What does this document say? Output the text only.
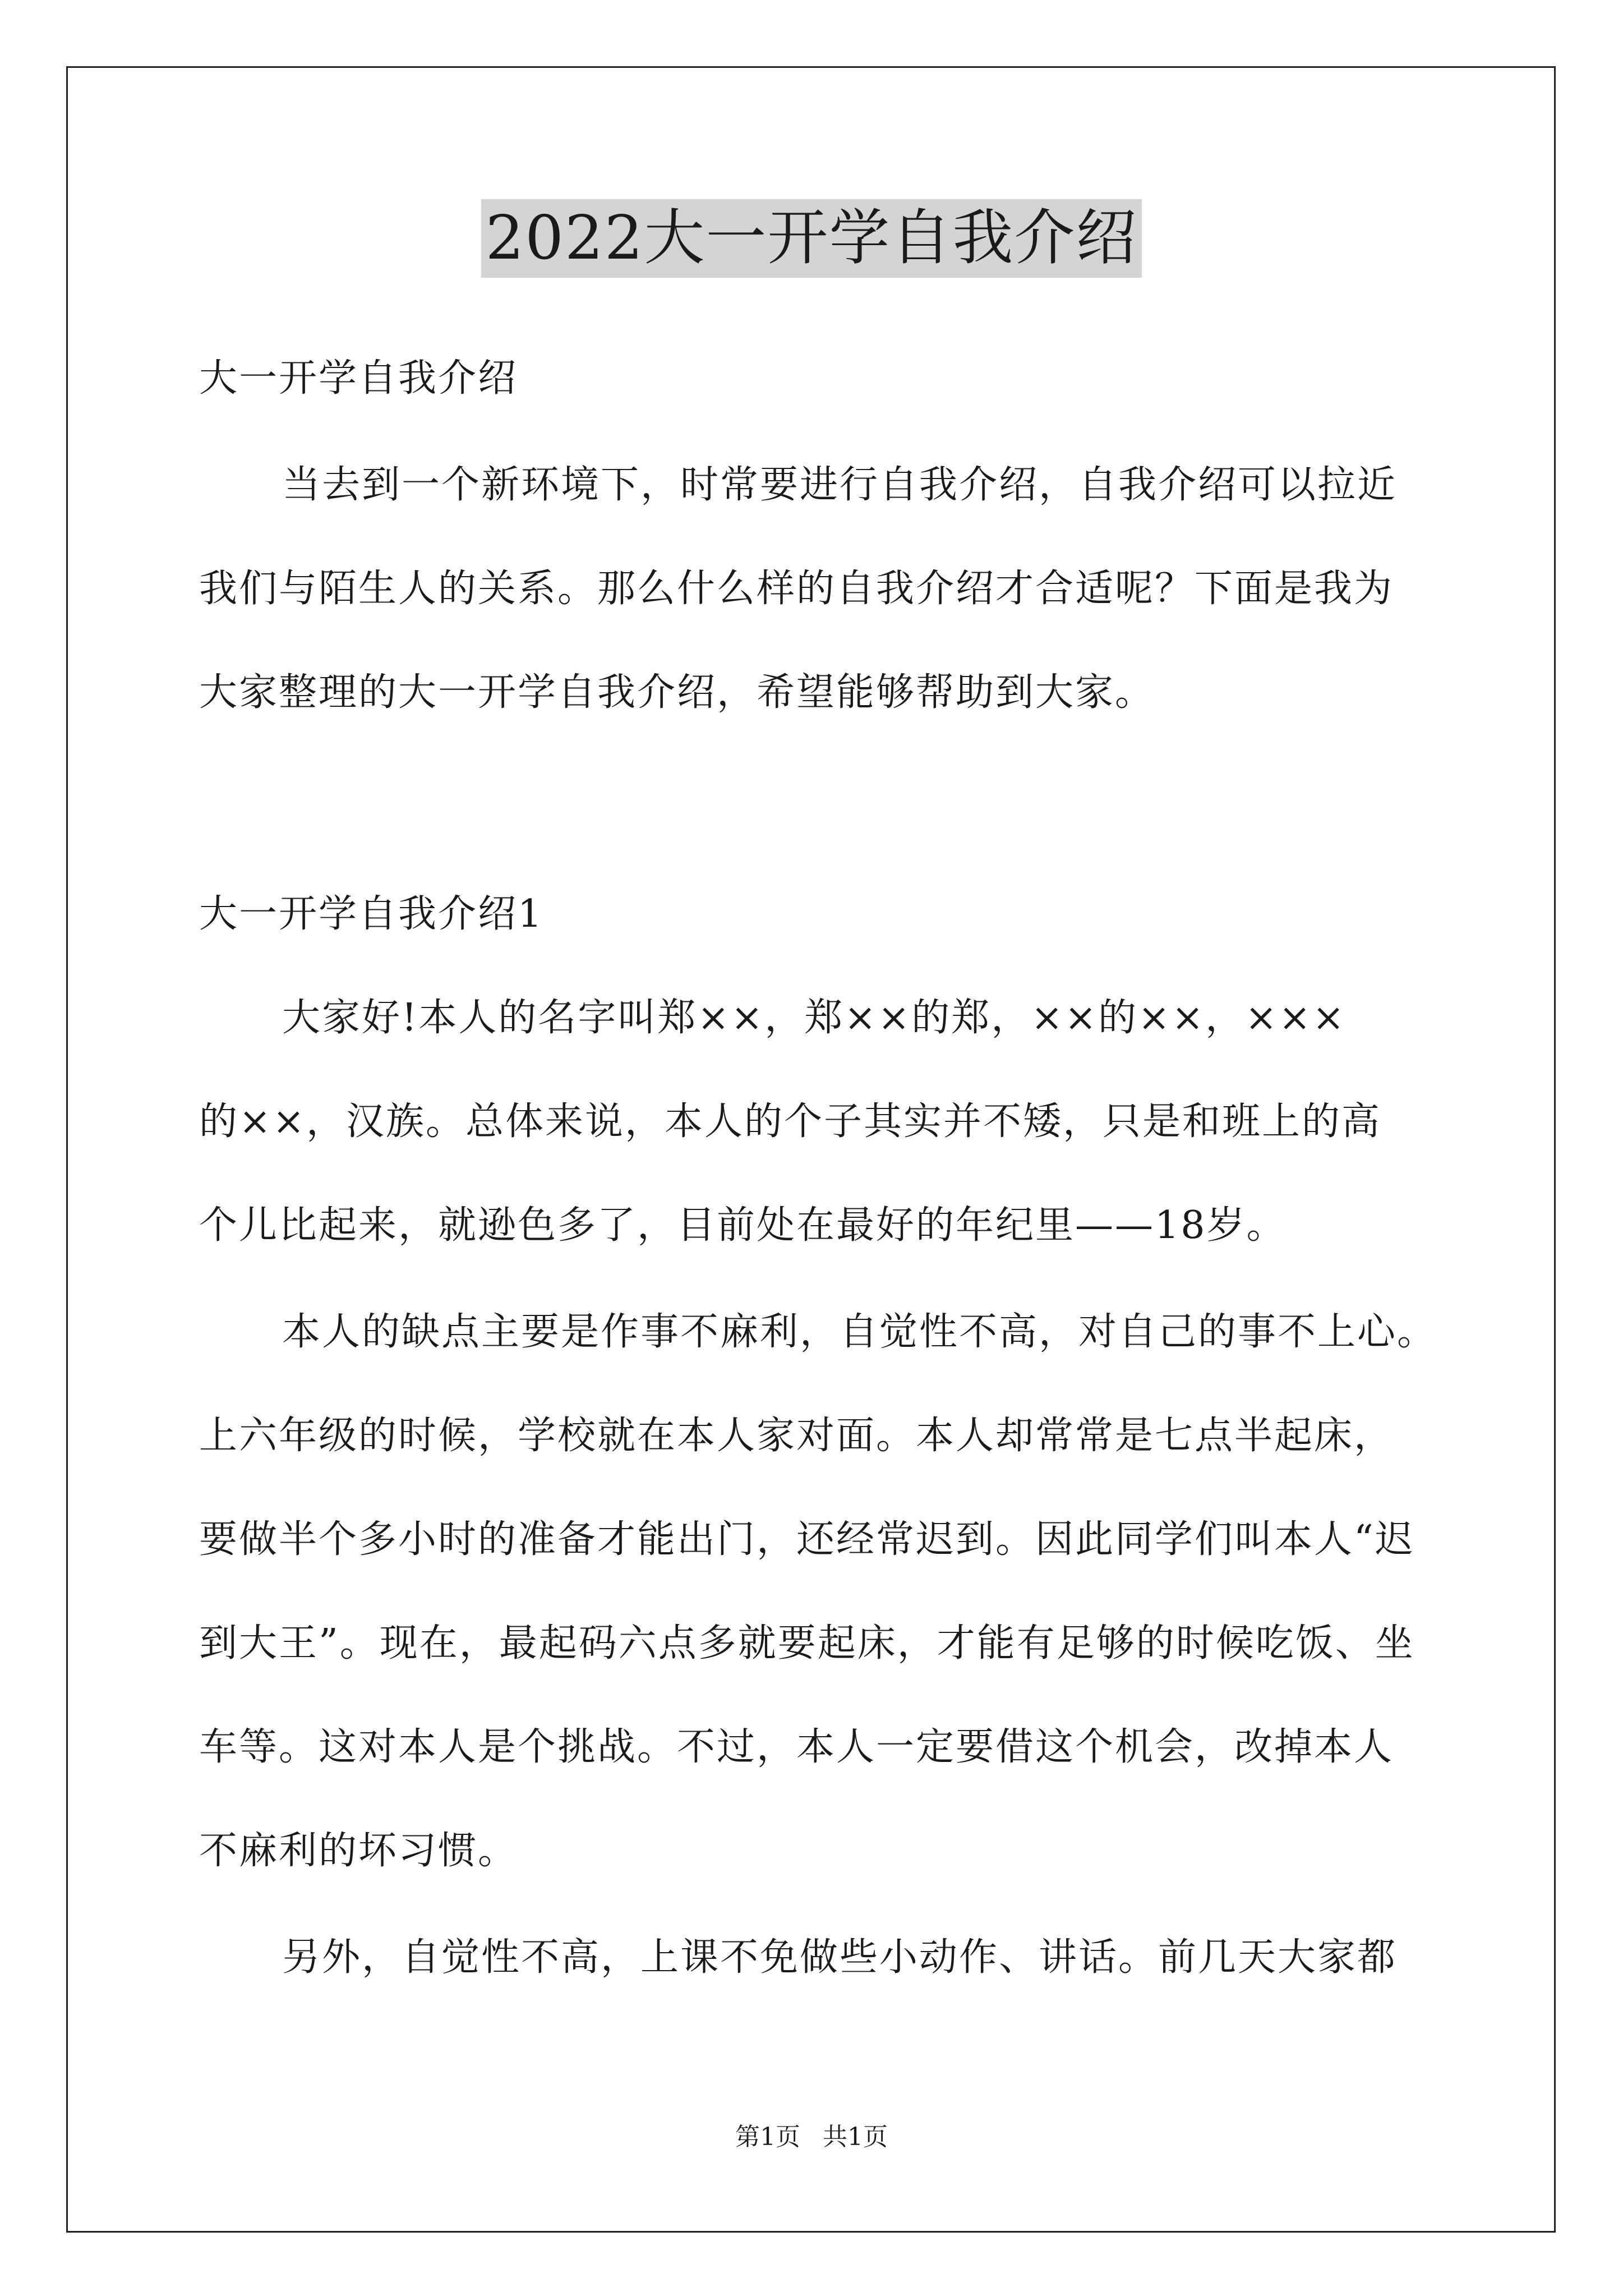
2022大一开学自我介绍
大一开学自我介绍
当去到一个新环境下，时常要进行自我介绍，自我介绍可以拉近
我们与陌生人的关系。那么什么样的自我介绍才合适呢？下面是我为
大家整理的大一开学自我介绍，希望能够帮助到大家。
大一开学自我介绍1
大家好!本人的名字叫郑××，郑××的郑，××的××，×××
的××，汉族。总体来说，本人的个子其实并不矮，只是和班上的高
个儿比起来，就逊色多了，目前处在最好的年纪里——18岁。
本人的缺点主要是作事不麻利，自觉性不高，对自己的事不上心。
上六年级的时候，学校就在本人家对面。本人却常常是七点半起床，
要做半个多小时的准备才能出门，还经常迟到。因此同学们叫本人“迟
到大王”。现在，最起码六点多就要起床，才能有足够的时候吃饭、坐
车等。这对本人是个挑战。不过，本人一定要借这个机会，改掉本人
不麻利的坏习惯。
另外，自觉性不高，上课不免做些小动作、讲话。前几天大家都
第1页 共1页
